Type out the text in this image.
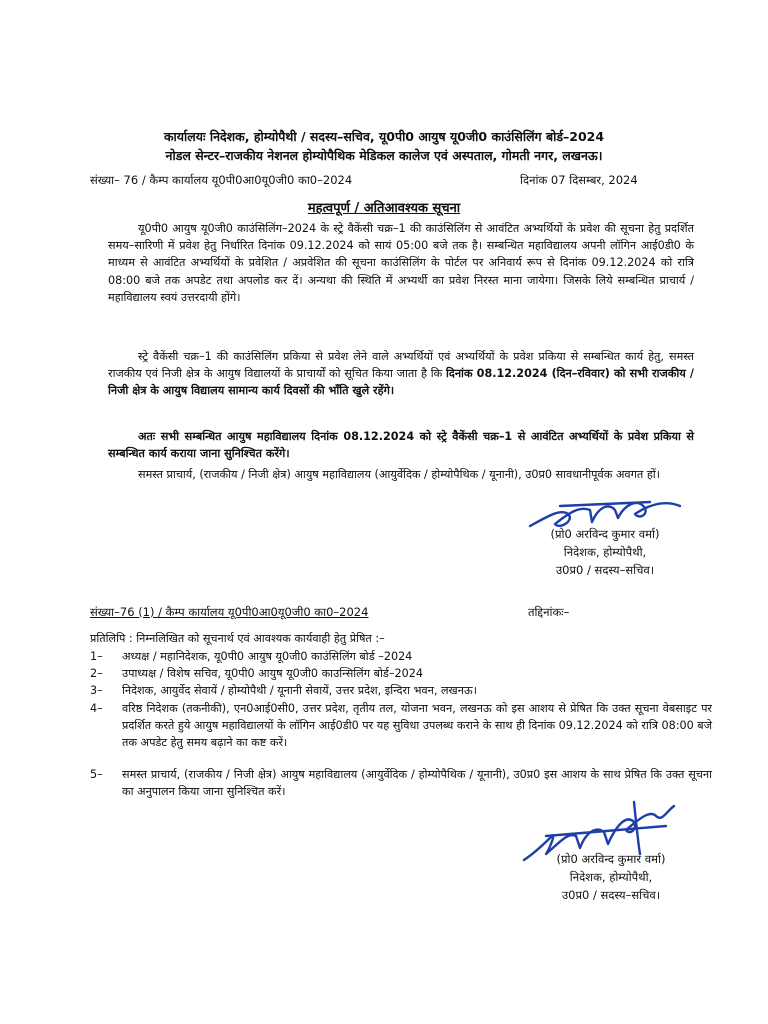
कार्यालयः निदेशक, होम्योपैथी / सदस्य–सचिव, यू0पी0 आयुष यू0जी0 काउंसिलिंग बोर्ड–2024
नोडल सेन्टर–राजकीय नेशनल होम्योपैथिक मेडिकल कालेज एवं अस्पताल, गोमती नगर, लखनऊ।
संख्या– 76 / कैम्प कार्यालय यू0पी0आ0यू0जी0 का0–2024	दिनांक 07 दिसम्बर, 2024
महत्वपूर्ण / अतिआवश्यक सूचना
यू0पी0 आयुष यू0जी0 काउंसिलिंग–2024 के स्ट्रे वैकेंसी चक्र–1 की काउंसिलिंग से आवंटित अभ्यर्थियों के प्रवेश की सूचना हेतु प्रदर्शित समय–सारिणी में प्रवेश हेतु निर्धारित दिनांक 09.12.2024 को सायं 05:00 बजे तक है। सम्बन्धित महाविद्यालय अपनी लॉगिन आई0डी0 के माध्यम से आवंटित अभ्यर्थियों के प्रवेशित / अप्रवेशित की सूचना काउंसिलिंग के पोर्टल पर अनिवार्य रूप से दिनांक 09.12.2024 को रात्रि 08:00 बजे तक अपडेट तथा अपलोड कर दें। अन्यथा की स्थिति में अभ्यर्थी का प्रवेश निरस्त माना जायेगा। जिसके लिये सम्बन्धित प्राचार्य / महाविद्यालय स्वयं उत्तरदायी होंगे।
स्ट्रे वैकेंसी चक्र–1 की काउंसिलिंग प्रकिया से प्रवेश लेने वाले अभ्यर्थियों एवं अभ्यर्थियों के प्रवेश प्रकिया से सम्बन्धित कार्य हेतु, समस्त राजकीय एवं निजी क्षेत्र के आयुष विद्यालयों के प्राचार्यों को सूचित किया जाता है कि दिनांक 08.12.2024 (दिन–रविवार) को सभी राजकीय / निजी क्षेत्र के आयुष विद्यालय सामान्य कार्य दिवसों की भाँति खुले रहेंगे।
अतः सभी सम्बन्धित आयुष महाविद्यालय दिनांक 08.12.2024 को स्ट्रे वैकेंसी चक्र–1 से आवंटित अभ्यर्थियों के प्रवेश प्रकिया से सम्बन्धित कार्य कराया जाना सुनिश्चित करेंगे।
समस्त प्राचार्य, (राजकीय / निजी क्षेत्र) आयुष महाविद्यालय (आयुर्वेदिक / होम्योपैथिक / यूनानी), उ0प्र0 सावधानीपूर्वक अवगत हों।
(प्रो0 अरविन्द कुमार वर्मा)
निदेशक, होम्योपैथी,
उ0प्र0 / सदस्य–सचिव।
संख्या–76 (1) / कैम्प कार्यालय यू0पी0आ0यू0जी0 का0–2024	तद्दिनांकः–
प्रतिलिपि : निम्नलिखित को सूचनार्थ एवं आवश्यक कार्यवाही हेतु प्रेषित :–
1–	अध्यक्ष / महानिदेशक, यू0पी0 आयुष यू0जी0 काउंसिलिंग बोर्ड –2024
2–	उपाध्यक्ष / विशेष सचिव, यू0पी0 आयुष यू0जी0 काउन्सिलिंग बोर्ड–2024
3–	निदेशक, आयुर्वेद सेवायें / होम्योपैथी / यूनानी सेवायें, उत्तर प्रदेश, इन्दिरा भवन, लखनऊ।
4–	वरिष्ठ निदेशक (तकनीकी), एन0आई0सी0, उत्तर प्रदेश, तृतीय तल, योजना भवन, लखनऊ को इस आशय से प्रेषित कि उक्त सूचना वेबसाइट पर प्रदर्शित करते हुये आयुष महाविद्यालयों के लॉगिन आई0डी0 पर यह सुविधा उपलब्ध कराने के साथ ही दिनांक 09.12.2024 को रात्रि 08:00 बजे तक अपडेट हेतु समय बढ़ाने का कष्ट करें।
5–	समस्त प्राचार्य, (राजकीय / निजी क्षेत्र) आयुष महाविद्यालय (आयुर्वेदिक / होम्योपैथिक / यूनानी), उ0प्र0 इस आशय के साथ प्रेषित कि उक्त सूचना का अनुपालन किया जाना सुनिश्चित करें।
(प्रो0 अरविन्द कुमार वर्मा)
निदेशक, होम्योपैथी,
उ0प्र0 / सदस्य–सचिव।
